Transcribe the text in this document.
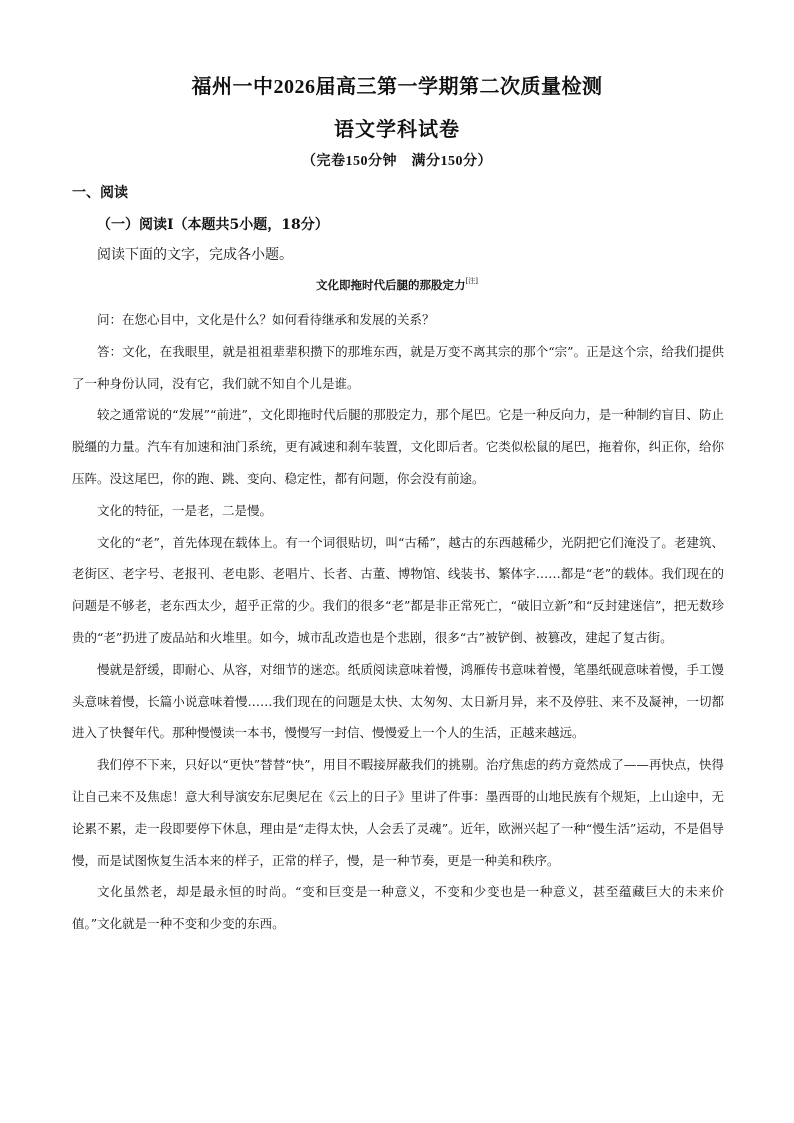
福州一中2026届高三第一学期第二次质量检测
语文学科试卷
（完卷150分钟　满分150分）
一、阅读
（一）阅读Ⅰ（本题共5小题，18分）
阅读下面的文字，完成各小题。
文化即拖时代后腿的那股定力[注]

问：在您心目中，文化是什么？如何看待继承和发展的关系？

答：文化，在我眼里，就是祖祖辈辈积攒下的那堆东西，就是万变不离其宗的那个“宗”。正是这个宗，给我们提供了一种身份认同，没有它，我们就不知自个儿是谁。

较之通常说的“发展”“前进”，文化即拖时代后腿的那股定力，那个尾巴。它是一种反向力，是一种制约盲目、防止脱缰的力量。汽车有加速和油门系统，更有减速和刹车装置，文化即后者。它类似松鼠的尾巴，拖着你，纠正你，给你压阵。没这尾巴，你的跑、跳、变向、稳定性，都有问题，你会没有前途。

文化的特征，一是老，二是慢。

文化的“老”，首先体现在载体上。有一个词很贴切，叫“古稀”，越古的东西越稀少，光阴把它们淹没了。老建筑、老街区、老字号、老报刊、老电影、老唱片、长者、古董、博物馆、线装书、繁体字……都是“老”的载体。我们现在的问题是不够老，老东西太少，超乎正常的少。我们的很多“老”都是非正常死亡，“破旧立新”和“反封建迷信”，把无数珍贵的“老”扔进了废品站和火堆里。如今，城市乱改造也是个悲剧，很多“古”被铲倒、被篡改，建起了复古街。

慢就是舒缓，即耐心、从容，对细节的迷恋。纸质阅读意味着慢，鸿雁传书意味着慢，笔墨纸砚意味着慢，手工馒头意味着慢，长篇小说意味着慢……我们现在的问题是太快、太匆匆、太日新月异，来不及停驻、来不及凝神，一切都进入了快餐年代。那种慢慢读一本书，慢慢写一封信、慢慢爱上一个人的生活，正越来越远。

我们停不下来，只好以“更快”替替“快”，用目不暇接屏蔽我们的挑剔。治疗焦虑的药方竟然成了——再快点，快得让自己来不及焦虑！意大利导演安东尼奥尼在《云上的日子》里讲了件事：墨西哥的山地民族有个规矩，上山途中，无论累不累，走一段即要停下休息，理由是“走得太快，人会丢了灵魂”。近年，欧洲兴起了一种“慢生活”运动，不是倡导慢，而是试图恢复生活本来的样子，正常的样子，慢，是一种节奏，更是一种美和秩序。

文化虽然老，却是最永恒的时尚。“变和巨变是一种意义，不变和少变也是一种意义，甚至蕴藏巨大的未来价值。”文化就是一种不变和少变的东西。
